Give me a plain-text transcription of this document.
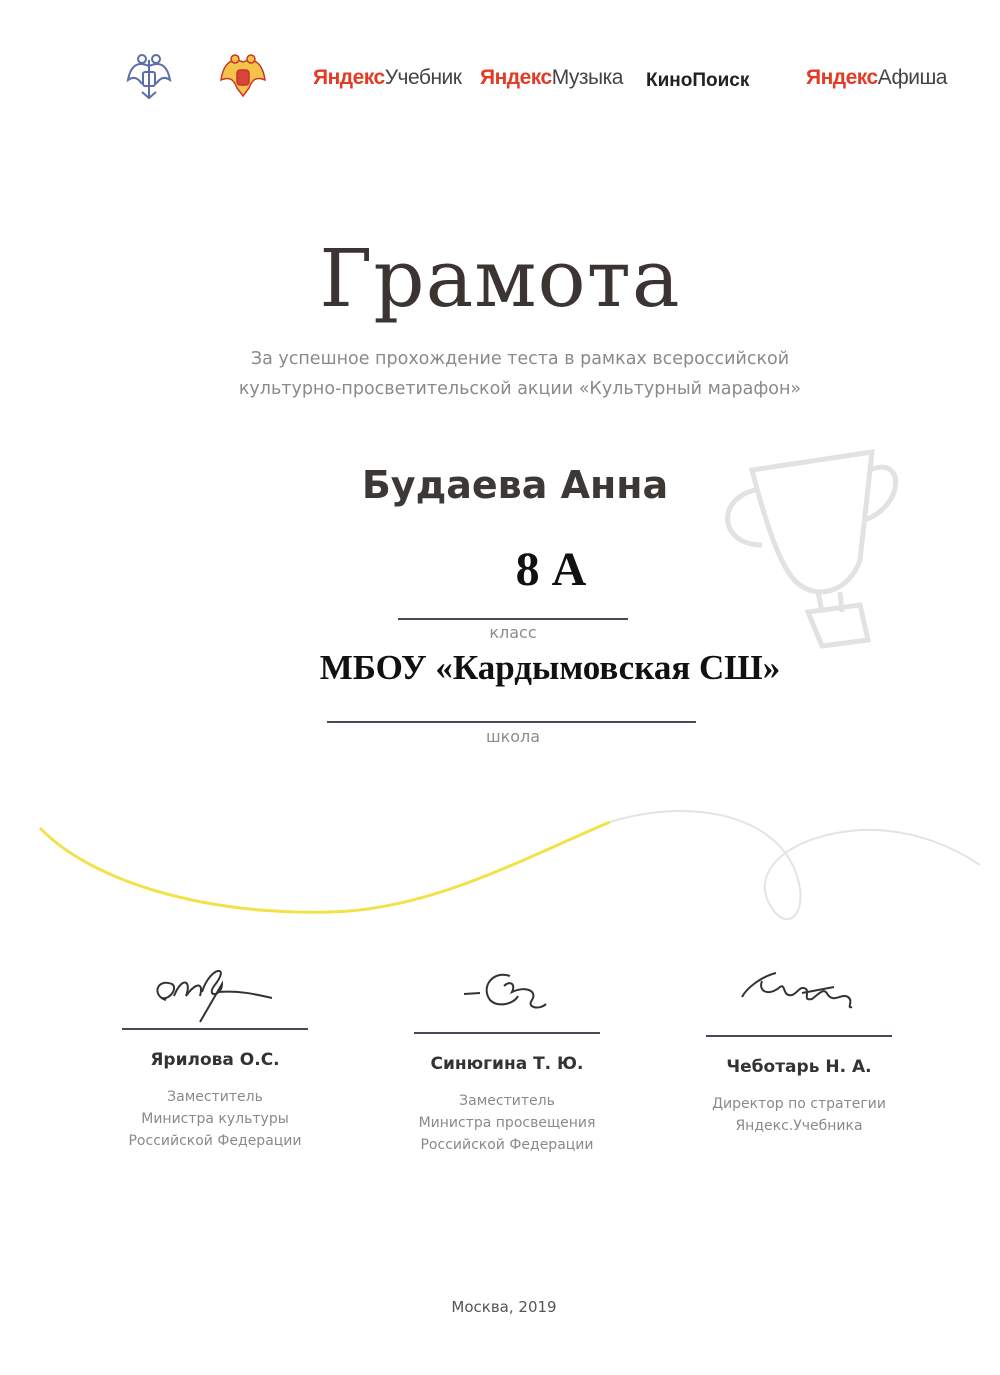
ЯндексУчебник ЯндексМузыка КиноПоиск	ЯндексАфиша
Грамота
За успешное прохождение теста в рамках всероссийской
культурно-просветительской акции «Культурный марафон»
Будаева Анна
8 А
класс
МБОУ «Кардымовская СШ»
школа
Ярилова О.С.
Заместитель
Министра культуры
Российской Федерации
Синюгина Т. Ю.
Заместитель
Министра просвещения
Российской Федерации
Чеботарь Н. А.
Директор по стратегии
Яндекс.Учебника
Москва, 2019
